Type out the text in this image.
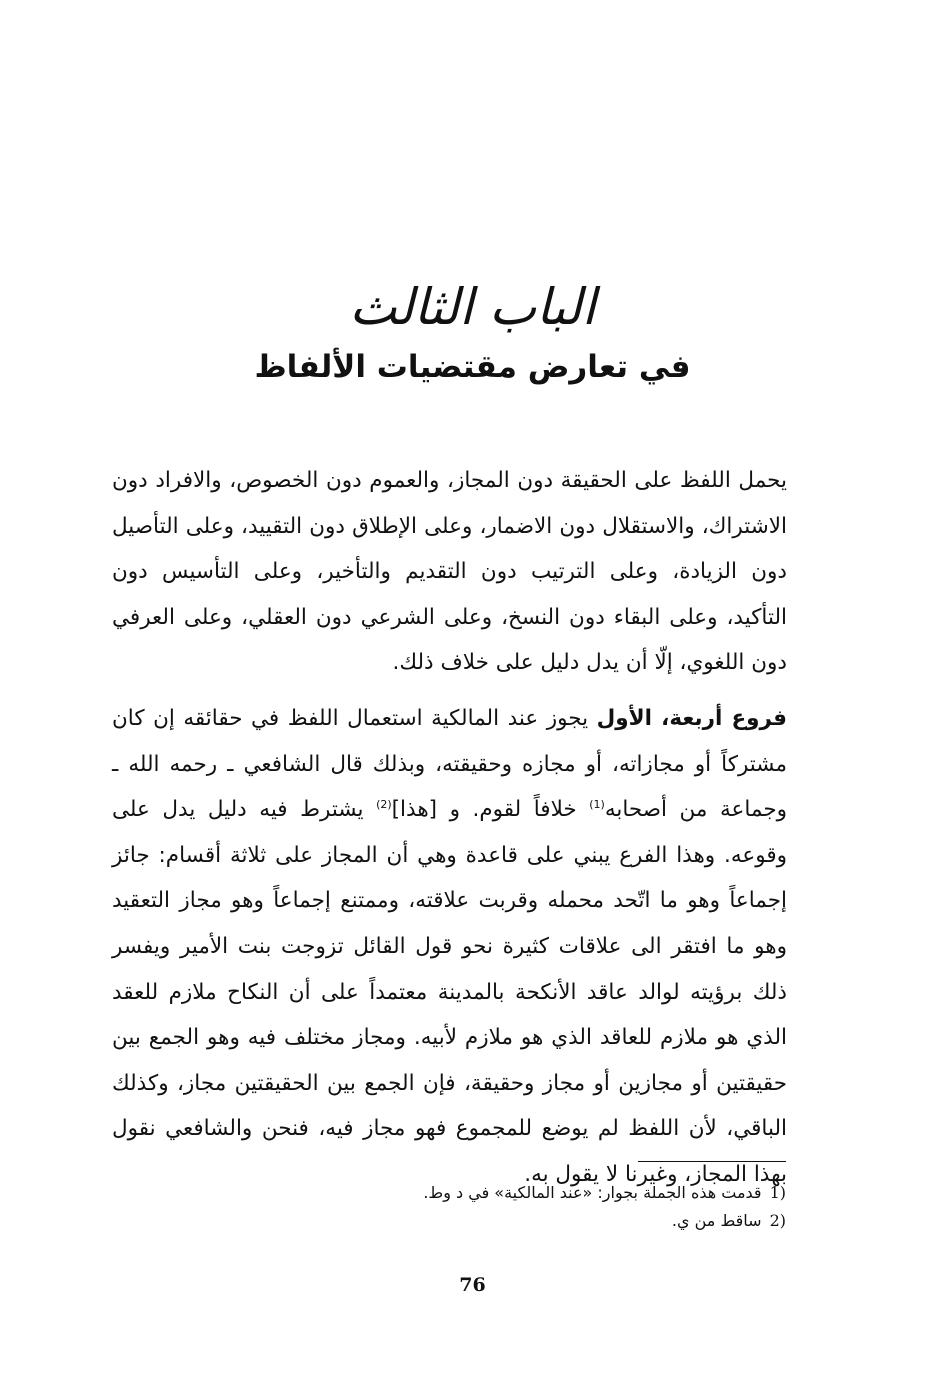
الباب الثالث
في تعارض مقتضيات الألفاظ

يحمل اللفظ على الحقيقة دون المجاز، والعموم دون الخصوص، والافراد دون الاشتراك، والاستقلال دون الاضمار، وعلى الإطلاق دون التقييد، وعلى التأصيل دون الزيادة، وعلى الترتيب دون التقديم والتأخير، وعلى التأسيس دون التأكيد، وعلى البقاء دون النسخ، وعلى الشرعي دون العقلي، وعلى العرفي دون اللغوي، إلّا أن يدل دليل على خلاف ذلك.

فروع أربعة، الأول يجوز عند المالكية استعمال اللفظ في حقائقه إن كان مشتركاً أو مجازاته، أو مجازه وحقيقته، وبذلك قال الشافعي ـ رحمه الله ـ وجماعة من أصحابه$^{(1)}$ خلافاً لقوم. و [هذا]$^{(2)}$ يشترط فيه دليل يدل على وقوعه. وهذا الفرع يبني على قاعدة وهي أن المجاز على ثلاثة أقسام: جائز إجماعاً وهو ما اتّحد محمله وقربت علاقته، وممتنع إجماعاً وهو مجاز التعقيد وهو ما افتقر الى علاقات كثيرة نحو قول القائل تزوجت بنت الأمير ويفسر ذلك برؤيته لوالد عاقد الأنكحة بالمدينة معتمداً على أن النكاح ملازم للعقد الذي هو ملازم للعاقد الذي هو ملازم لأبيه. ومجاز مختلف فيه وهو الجمع بين حقيقتين أو مجازين أو مجاز وحقيقة، فإن الجمع بين الحقيقتين مجاز، وكذلك الباقي، لأن اللفظ لم يوضع للمجموع فهو مجاز فيه، فنحن والشافعي نقول بهذا المجاز، وغيرنا لا يقول به.

1)قدمت هذه الجملة بجوار: «عند المالكية» في د وط.
2)ساقط من ي.
76
